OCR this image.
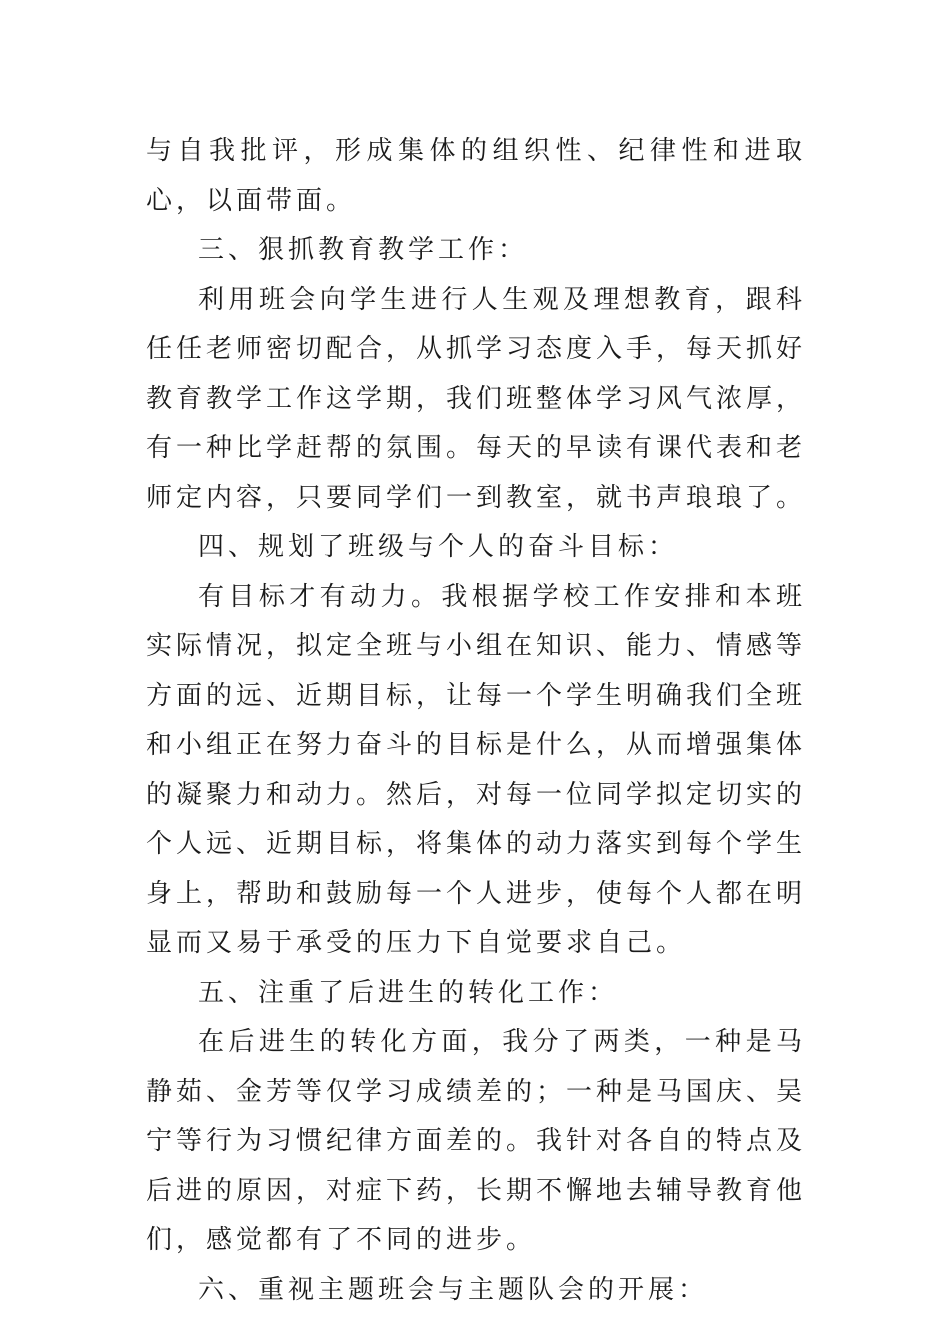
与自我批评，形成集体的组织性、纪律性和进取心，以面带面。

三、狠抓教育教学工作：

利用班会向学生进行人生观及理想教育，跟科任任老师密切配合，从抓学习态度入手，每天抓好教育教学工作这学期，我们班整体学习风气浓厚，有一种比学赶帮的氛围。每天的早读有课代表和老师定内容，只要同学们一到教室，就书声琅琅了。

四、规划了班级与个人的奋斗目标：

有目标才有动力。我根据学校工作安排和本班实际情况，拟定全班与小组在知识、能力、情感等方面的远、近期目标，让每一个学生明确我们全班和小组正在努力奋斗的目标是什么，从而增强集体的凝聚力和动力。然后，对每一位同学拟定切实的个人远、近期目标，将集体的动力落实到每个学生身上，帮助和鼓励每一个人进步，使每个人都在明显而又易于承受的压力下自觉要求自己。

五、注重了后进生的转化工作：

在后进生的转化方面，我分了两类，一种是马静茹、金芳等仅学习成绩差的；一种是马国庆、吴宁等行为习惯纪律方面差的。我针对各自的特点及后进的原因，对症下药，长期不懈地去辅导教育他们，感觉都有了不同的进步。

六、重视主题班会与主题队会的开展：
